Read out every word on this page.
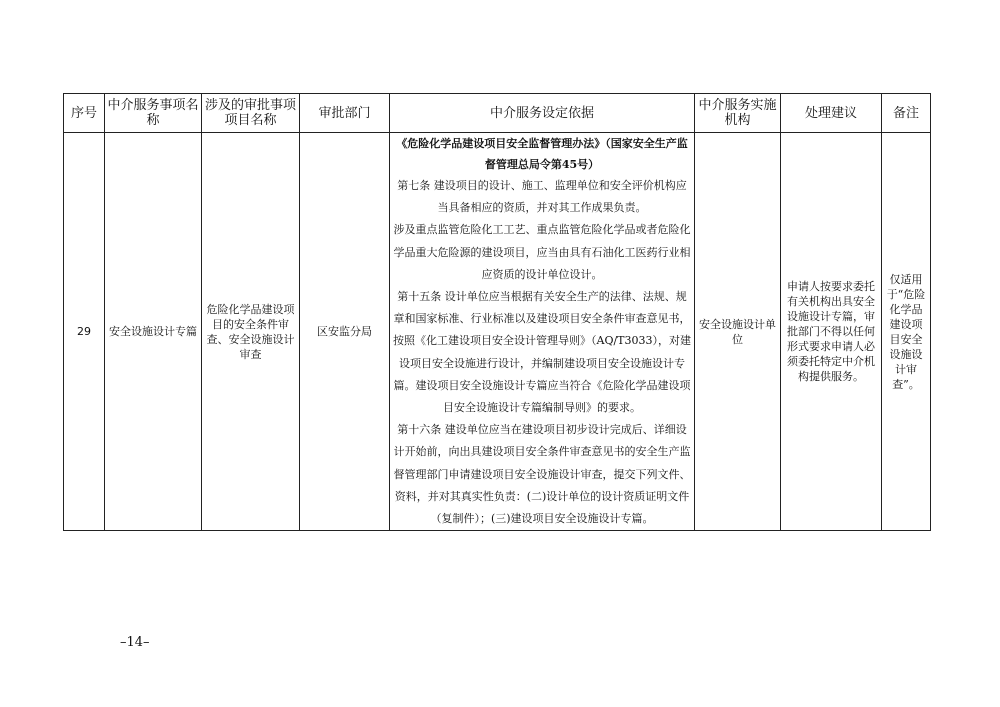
序号	中介服务事项名称	涉及的审批事项项目名称	审批部门	中介服务设定依据	中介服务实施机构	处理建议	备注
29	安全设施设计专篇	危险化学品建设项目的安全条件审查、安全设施设计审查	区安监分局	《危险化学品建设项目安全监督管理办法》（国家安全生产监督管理总局令第45号）

第七条 建设项目的设计、施工、监理单位和安全评价机构应当具备相应的资质，并对其工作成果负责。

涉及重点监管危险化工工艺、重点监管危险化学品或者危险化学品重大危险源的建设项目，应当由具有石油化工医药行业相应资质的设计单位设计。

第十五条 设计单位应当根据有关安全生产的法律、法规、规章和国家标准、行业标准以及建设项目安全条件审查意见书，按照《化工建设项目安全设计管理导则》（AQ/T3033），对建设项目安全设施进行设计，并编制建设项目安全设施设计专篇。建设项目安全设施设计专篇应当符合《危险化学品建设项目安全设施设计专篇编制导则》的要求。

第十六条 建设单位应当在建设项目初步设计完成后、详细设计开始前，向出具建设项目安全条件审查意见书的安全生产监督管理部门申请建设项目安全设施设计审查，提交下列文件、资料，并对其真实性负责：(二)设计单位的设计资质证明文件（复制件）；(三)建设项目安全设施设计专篇。	安全设施设计单位	申请人按要求委托有关机构出具安全设施设计专篇，审批部门不得以任何形式要求申请人必须委托特定中介机构提供服务。	仅适用于“危险化学品建设项目安全设施设计审查”。
–14–
